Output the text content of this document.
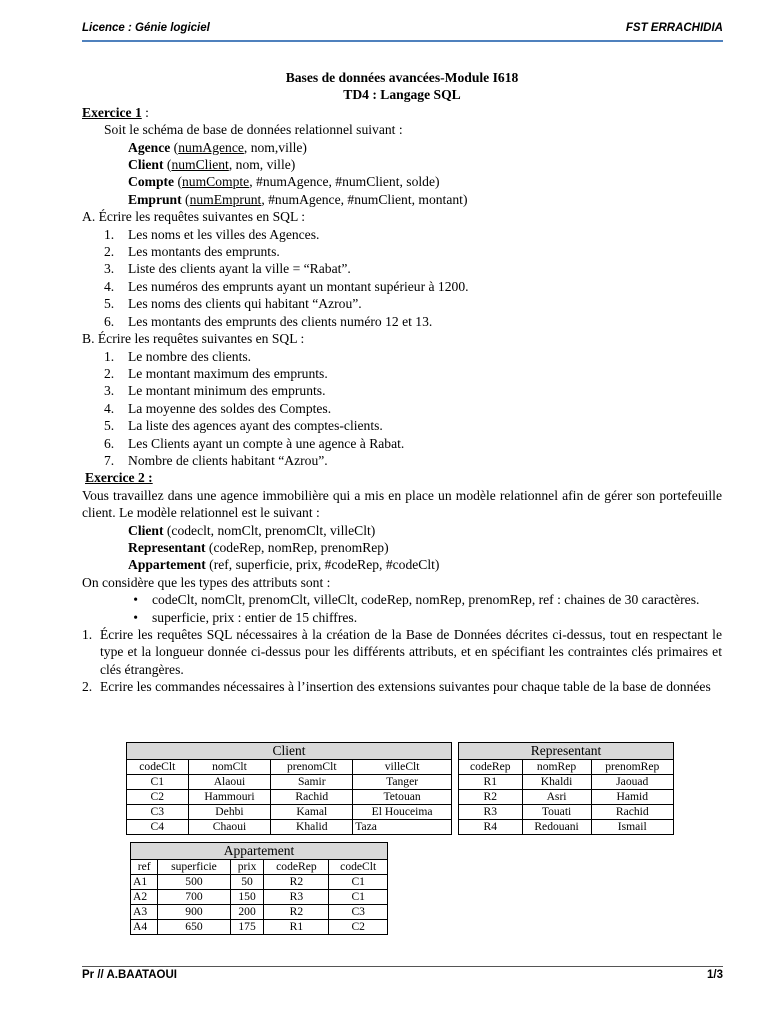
Licence : Génie logiciel	FST ERRACHIDIA
Bases de données avancées-Module I618
TD4 : Langage SQL
Exercice 1 :
Soit le schéma de base de données relationnel suivant :
Agence (numAgence, nom,ville)
Client (numClient, nom, ville)
Compte (numCompte, #numAgence, #numClient, solde)
Emprunt (numEmprunt, #numAgence, #numClient, montant)
A. Écrire les requêtes suivantes en SQL :
1.	Les noms et les villes des Agences.
2.	Les montants des emprunts.
3.	Liste des clients ayant la ville = “Rabat”.
4.	Les numéros des emprunts ayant un montant supérieur à 1200.
5.	Les noms des clients qui habitant “Azrou”.
6.	Les montants des emprunts des clients numéro 12 et 13.
B. Écrire les requêtes suivantes en SQL :
1.	Le nombre des clients.
2.	Le montant maximum des emprunts.
3.	Le montant minimum des emprunts.
4.	La moyenne des soldes des Comptes.
5.	La liste des agences ayant des comptes-clients.
6.	Les Clients ayant un compte à une agence à Rabat.
7.	Nombre de clients habitant “Azrou”.
Exercice 2 :
Vous travaillez dans une agence immobilière qui a mis en place un modèle relationnel afin de gérer son portefeuille client. Le modèle relationnel est le suivant :
Client (codeclt, nomClt, prenomClt, villeClt)
Representant (codeRep, nomRep, prenomRep)
Appartement (ref, superficie, prix, #codeRep, #codeClt)
On considère que les types des attributs sont :
•	codeClt, nomClt, prenomClt, villeClt, codeRep, nomRep, prenomRep, ref : chaines de 30 caractères.
•	superficie, prix : entier de 15 chiffres.
1. Écrire les requêtes SQL nécessaires à la création de la Base de Données décrites ci-dessus, tout en respectant le type et la longueur donnée ci-dessus pour les différents attributs, et en spécifiant les contraintes clés primaires et clés étrangères.
2. Ecrire les commandes nécessaires à l’insertion des extensions suivantes pour chaque table de la base de données
Client			
codeClt	nomClt	prenomClt	villeClt
C1	Alaoui	Samir	Tanger
C2	Hammouri	Rachid	Tetouan
C3	Dehbi	Kamal	El Houceima
C4	Chaoui	Khalid	Taza
Representant		
codeRep	nomRep	prenomRep
R1	Khaldi	Jaouad
R2	Asri	Hamid
R3	Touati	Rachid
R4	Redouani	Ismail
Appartement				
ref	superficie	prix	codeRep	codeClt
A1	500	50	R2	C1
A2	700	150	R3	C1
A3	900	200	R2	C3
A4	650	175	R1	C2
Pr // A.BAATAOUI	1/3
